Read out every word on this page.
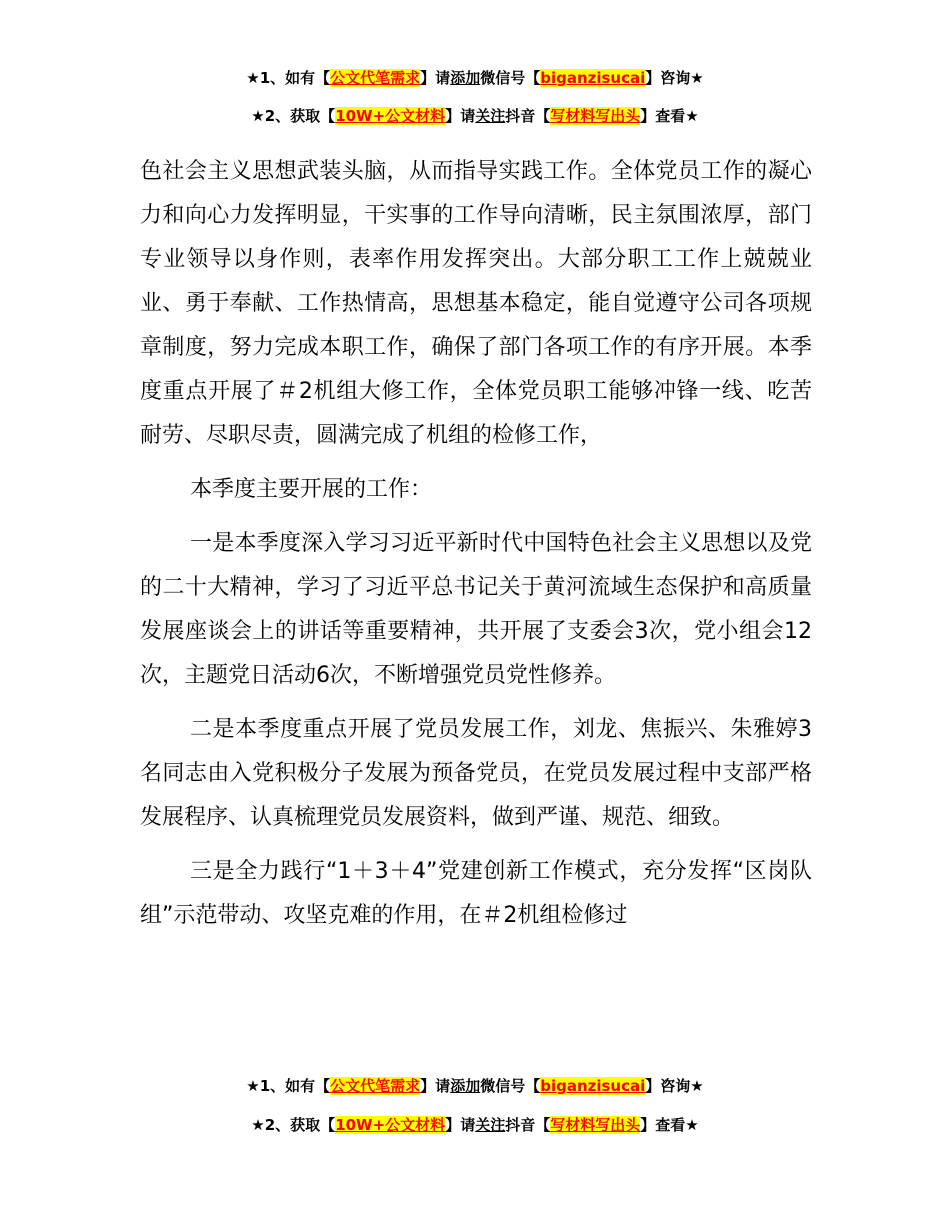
★1、如有【公文代笔需求】请添加微信号【biganzisucai】咨询★
★2、获取【10W+公文材料】请关注抖音【写材料写出头】查看★

色社会主义思想武装头脑，从而指导实践工作。全体党员工作的凝心力和向心力发挥明显，干实事的工作导向清晰，民主氛围浓厚，部门专业领导以身作则，表率作用发挥突出。大部分职工工作上兢兢业业、勇于奉献、工作热情高，思想基本稳定，能自觉遵守公司各项规章制度，努力完成本职工作，确保了部门各项工作的有序开展。本季度重点开展了＃2机组大修工作，全体党员职工能够冲锋一线、吃苦耐劳、尽职尽责，圆满完成了机组的检修工作，

本季度主要开展的工作：

一是本季度深入学习习近平新时代中国特色社会主义思想以及党的二十大精神，学习了习近平总书记关于黄河流域生态保护和高质量发展座谈会上的讲话等重要精神，共开展了支委会3次，党小组会12次，主题党日活动6次，不断增强党员党性修养。

二是本季度重点开展了党员发展工作，刘龙、焦振兴、朱雅婷3名同志由入党积极分子发展为预备党员，在党员发展过程中支部严格发展程序、认真梳理党员发展资料，做到严谨、规范、细致。

三是全力践行“1＋3＋4”党建创新工作模式，充分发挥“区岗队组”示范带动、攻坚克难的作用，在＃2机组检修过

★1、如有【公文代笔需求】请添加微信号【biganzisucai】咨询★
★2、获取【10W+公文材料】请关注抖音【写材料写出头】查看★
